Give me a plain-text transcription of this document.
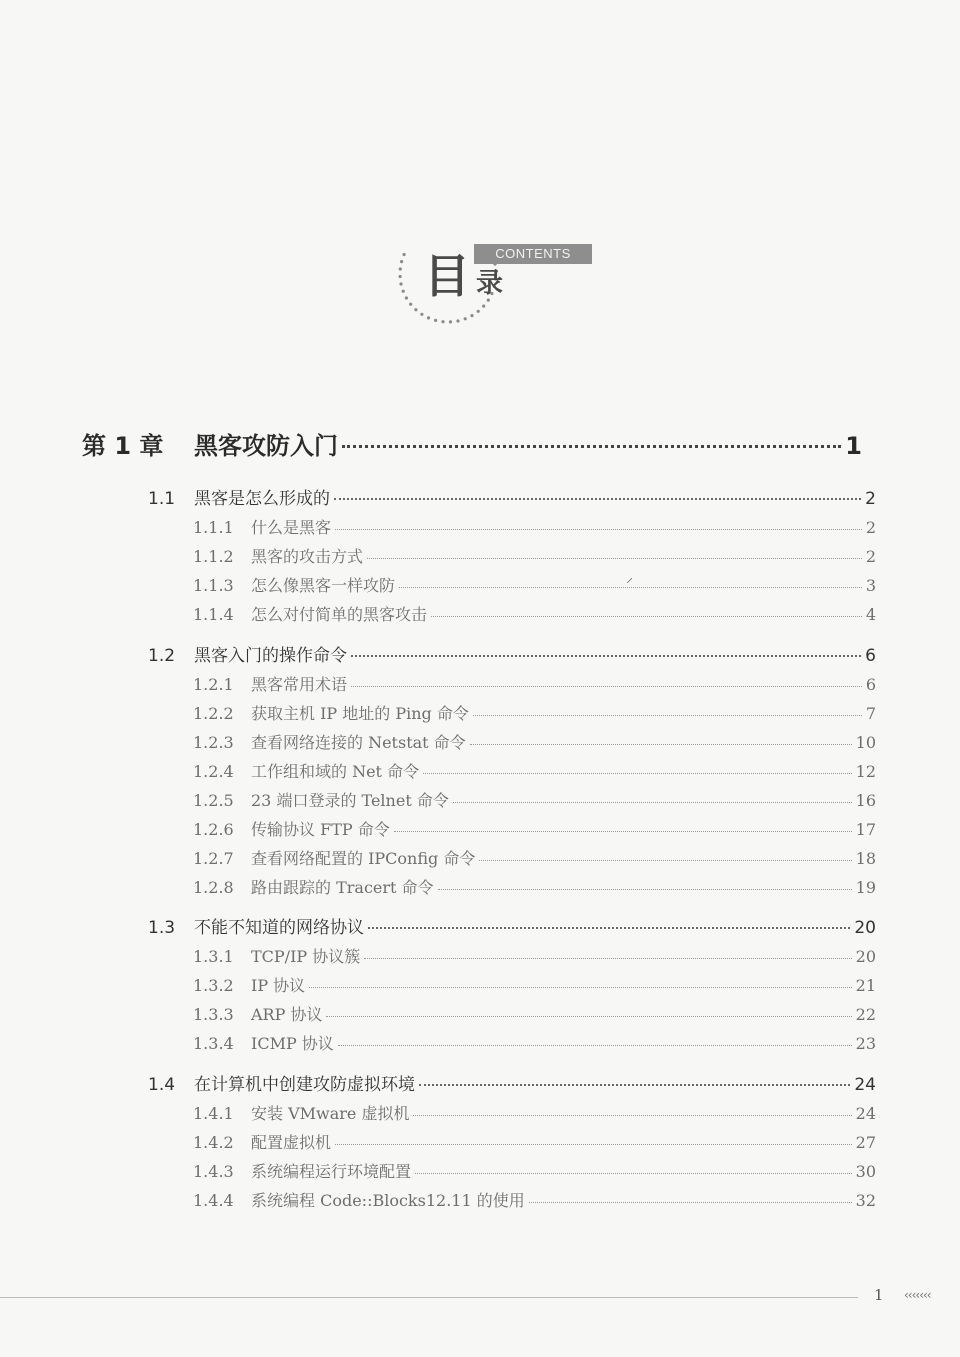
CONTENTS
目 录
第 1 章	黑客攻防入门	1
1.1	黑客是怎么形成的	2
1.1.1	什么是黑客	2
1.1.2	黑客的攻击方式	2
1.1.3	怎么像黑客一样攻防	3
1.1.4	怎么对付简单的黑客攻击	4
1.2	黑客入门的操作命令	6
1.2.1	黑客常用术语	6
1.2.2	获取主机 IP 地址的 Ping 命令	7
1.2.3	查看网络连接的 Netstat 命令	10
1.2.4	工作组和域的 Net 命令	12
1.2.5	23 端口登录的 Telnet 命令	16
1.2.6	传输协议 FTP 命令	17
1.2.7	查看网络配置的 IPConfig 命令	18
1.2.8	路由跟踪的 Tracert 命令	19
1.3	不能不知道的网络协议	20
1.3.1	TCP/IP 协议簇	20
1.3.2	IP 协议	21
1.3.3	ARP 协议	22
1.3.4	ICMP 协议	23
1.4	在计算机中创建攻防虚拟环境	24
1.4.1	安装 VMware 虚拟机	24
1.4.2	配置虚拟机	27
1.4.3	系统编程运行环境配置	30
1.4.4	系统编程 Code::Blocks12.11 的使用	32
⸝
1 ‹‹‹‹‹‹‹
